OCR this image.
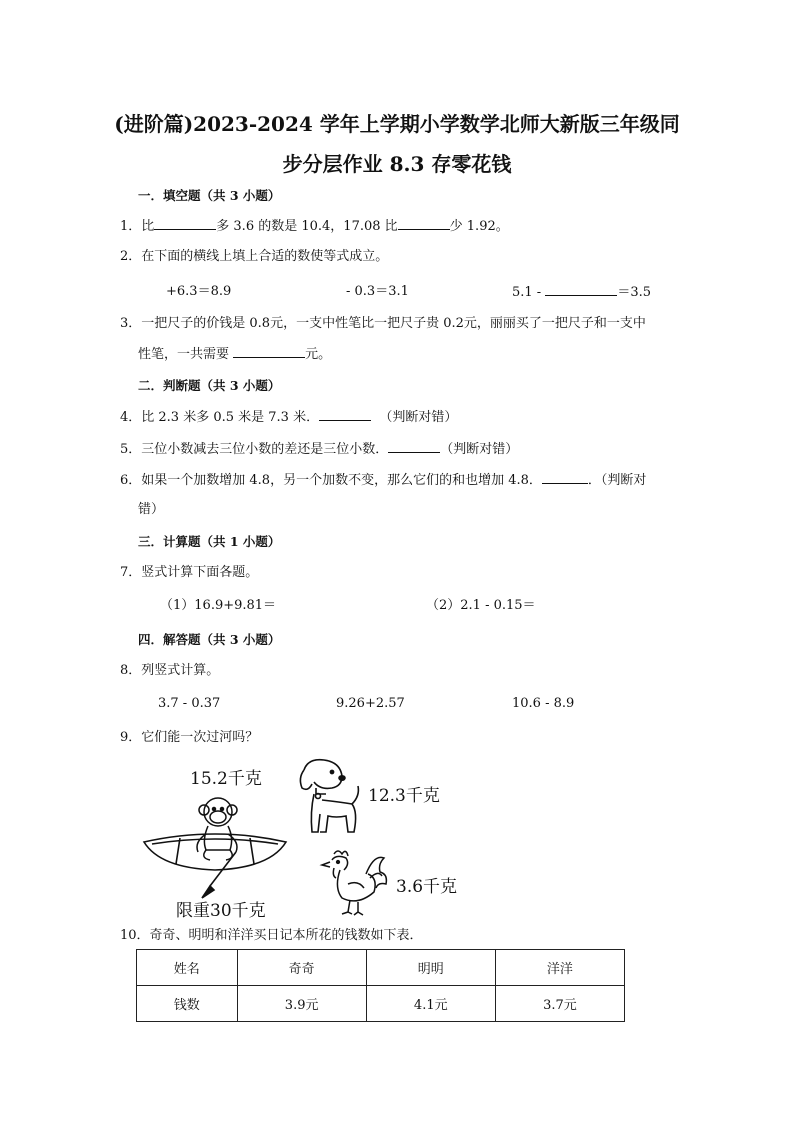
(进阶篇)2023-2024 学年上学期小学数学北师大新版三年级同
步分层作业 8.3 存零花钱
一．填空题（共 3 小题）
1．比	多 3.6 的数是 10.4，17.08 比	少 1.92。
2．在下面的横线上填上合适的数使等式成立。
+6.3＝8.9	- 0.3＝3.1	5.1 -	＝3.5
3．一把尺子的价钱是 0.8元，一支中性笔比一把尺子贵 0.2元，丽丽买了一把尺子和一支中
性笔，一共需要	元。
二．判断题（共 3 小题）
4．比 2.3 米多 0.5 米是 7.3 米．	（判断对错）
5．三位小数减去三位小数的差还是三位小数．	（判断对错）
6．如果一个加数增加 4.8，另一个加数不变，那么它们的和也增加 4.8．	．（判断对
错）
三．计算题（共 1 小题）
7．竖式计算下面各题。
（1）16.9+9.81＝	（2）2.1 - 0.15＝
四．解答题（共 3 小题）
8．列竖式计算。
3.7 - 0.37	9.26+2.57	10.6 - 8.9
9．它们能一次过河吗？
15.2千克
12.3千克
3.6千克
限重30千克
10．奇奇、明明和洋洋买日记本所花的钱数如下表．
姓名	奇奇	明明	洋洋
钱数	3.9元	4.1元	3.7元
